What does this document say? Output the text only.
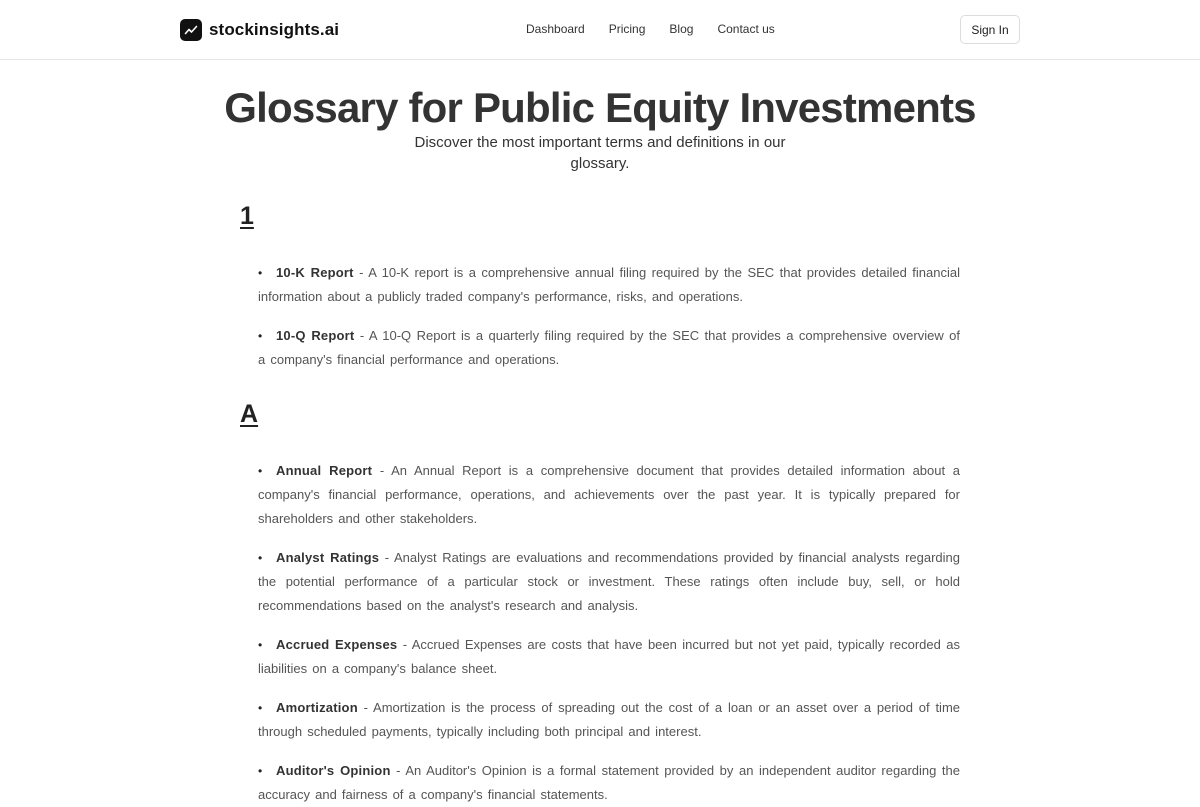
stockinsights.ai	Dashboard Pricing Blog Contact us	Sign In
Glossary for Public Equity Investments

Discover the most important terms and definitions in our glossary.

1
• 10-K Report - A 10-K report is a comprehensive annual filing required by the SEC that provides detailed financial information about a publicly traded company's performance, risks, and operations.
• 10-Q Report - A 10-Q Report is a quarterly filing required by the SEC that provides a comprehensive overview of a company's financial performance and operations.
A
• Annual Report - An Annual Report is a comprehensive document that provides detailed information about a company's financial performance, operations, and achievements over the past year. It is typically prepared for shareholders and other stakeholders.
• Analyst Ratings - Analyst Ratings are evaluations and recommendations provided by financial analysts regarding the potential performance of a particular stock or investment. These ratings often include buy, sell, or hold recommendations based on the analyst's research and analysis.
• Accrued Expenses - Accrued Expenses are costs that have been incurred but not yet paid, typically recorded as liabilities on a company's balance sheet.
• Amortization - Amortization is the process of spreading out the cost of a loan or an asset over a period of time through scheduled payments, typically including both principal and interest.
• Auditor's Opinion - An Auditor's Opinion is a formal statement provided by an independent auditor regarding the accuracy and fairness of a company's financial statements.
